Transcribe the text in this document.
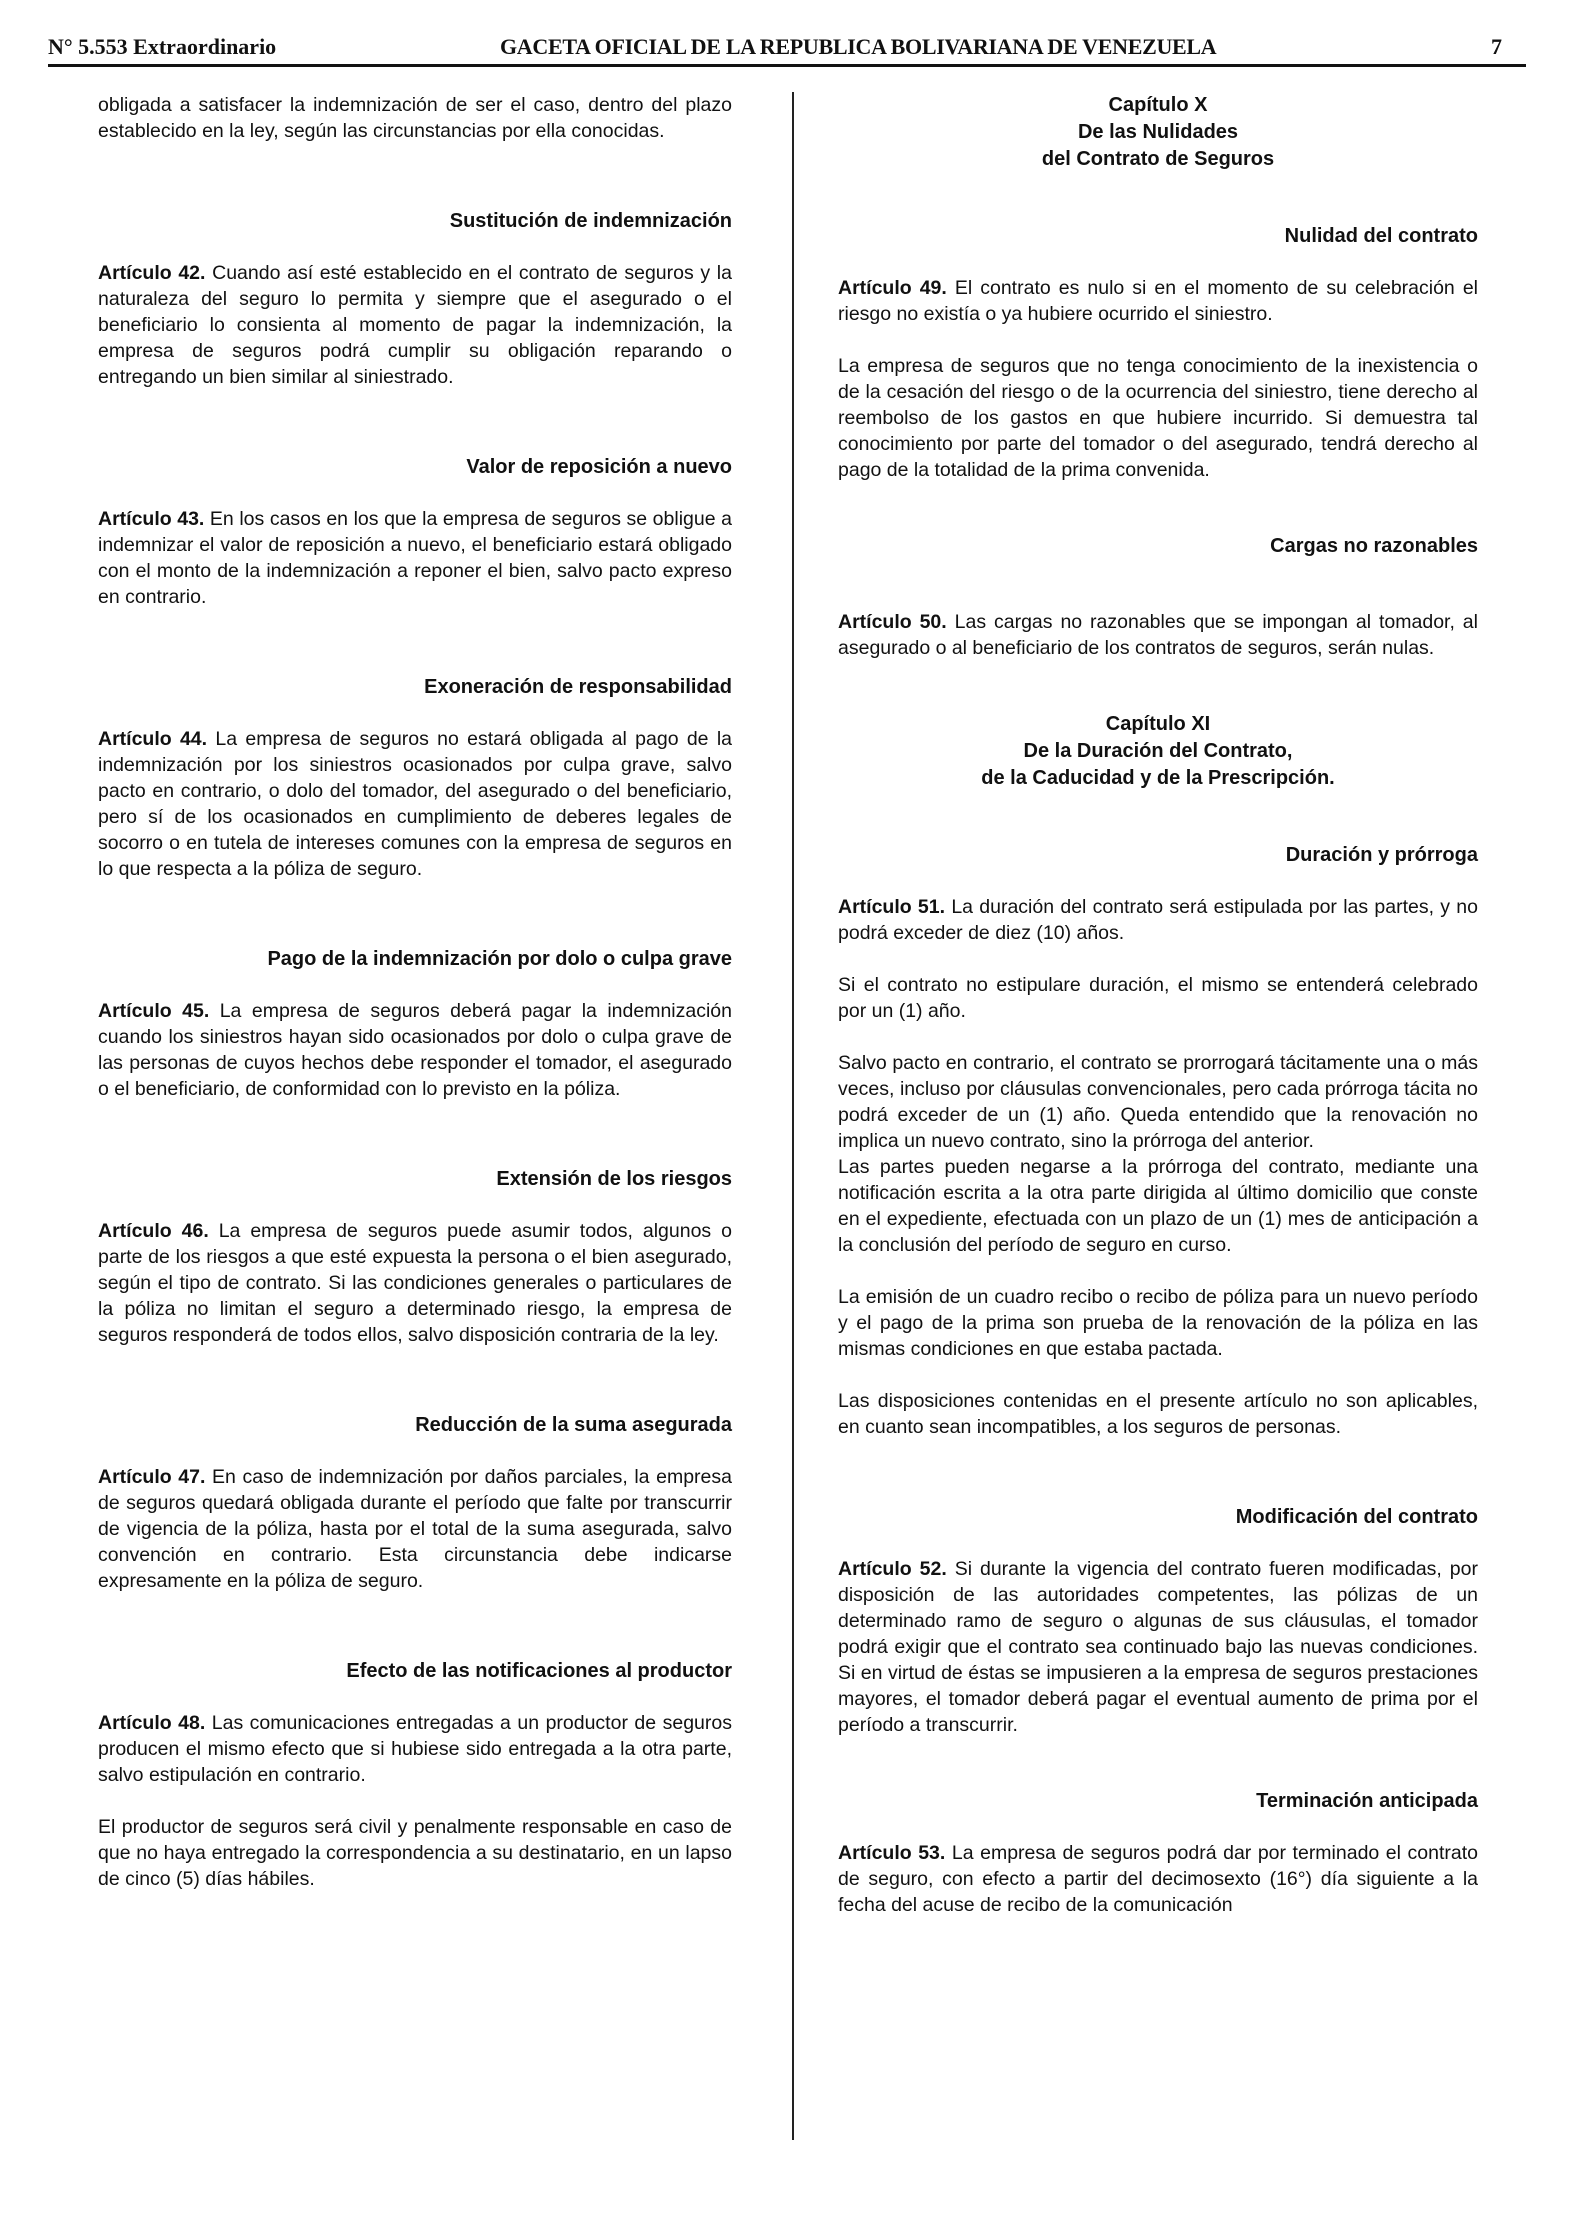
N° 5.553 Extraordinario	GACETA OFICIAL DE LA REPUBLICA BOLIVARIANA DE VENEZUELA	7

obligada a satisfacer la indemnización de ser el caso, dentro del plazo establecido en la ley, según las circunstancias por ella conocidas.

Sustitución de indemnización

Artículo 42. Cuando así esté establecido en el contrato de seguros y la naturaleza del seguro lo permita y siempre que el asegurado o el beneficiario lo consienta al momento de pagar la indemnización, la empresa de seguros podrá cumplir su obligación reparando o entregando un bien similar al siniestrado.

Valor de reposición a nuevo

Artículo 43. En los casos en los que la empresa de seguros se obligue a indemnizar el valor de reposición a nuevo, el beneficiario estará obligado con el monto de la indemnización a reponer el bien, salvo pacto expreso en contrario.

Exoneración de responsabilidad

Artículo 44. La empresa de seguros no estará obligada al pago de la indemnización por los siniestros ocasionados por culpa grave, salvo pacto en contrario, o dolo del tomador, del asegurado o del beneficiario, pero sí de los ocasionados en cumplimiento de deberes legales de socorro o en tutela de intereses comunes con la empresa de seguros en lo que respecta a la póliza de seguro.

Pago de la indemnización por dolo o culpa grave

Artículo 45. La empresa de seguros deberá pagar la indemnización cuando los siniestros hayan sido ocasionados por dolo o culpa grave de las personas de cuyos hechos debe responder el tomador, el asegurado o el beneficiario, de conformidad con lo previsto en la póliza.

Extensión de los riesgos

Artículo 46. La empresa de seguros puede asumir todos, algunos o parte de los riesgos a que esté expuesta la persona o el bien asegurado, según el tipo de contrato. Si las condiciones generales o particulares de la póliza no limitan el seguro a determinado riesgo, la empresa de seguros responderá de todos ellos, salvo disposición contraria de la ley.

Reducción de la suma asegurada

Artículo 47. En caso de indemnización por daños parciales, la empresa de seguros quedará obligada durante el período que falte por transcurrir de vigencia de la póliza, hasta por el total de la suma asegurada, salvo convención en contrario. Esta circunstancia debe indicarse expresamente en la póliza de seguro.

Efecto de las notificaciones al productor

Artículo 48. Las comunicaciones entregadas a un productor de seguros producen el mismo efecto que si hubiese sido entregada a la otra parte, salvo estipulación en contrario.

El productor de seguros será civil y penalmente responsable en caso de que no haya entregado la correspondencia a su destinatario, en un lapso de cinco (5) días hábiles.

Capítulo X

De las Nulidades

del Contrato de Seguros

Nulidad del contrato

Artículo 49. El contrato es nulo si en el momento de su celebración el riesgo no existía o ya hubiere ocurrido el siniestro.

La empresa de seguros que no tenga conocimiento de la inexistencia o de la cesación del riesgo o de la ocurrencia del siniestro, tiene derecho al reembolso de los gastos en que hubiere incurrido. Si demuestra tal conocimiento por parte del tomador o del asegurado, tendrá derecho al pago de la totalidad de la prima convenida.

Cargas no razonables

Artículo 50. Las cargas no razonables que se impongan al tomador, al asegurado o al beneficiario de los contratos de seguros, serán nulas.

Capítulo XI

De la Duración del Contrato,

de la Caducidad y de la Prescripción.

Duración y prórroga

Artículo 51. La duración del contrato será estipulada por las partes, y no podrá exceder de diez (10) años.

Si el contrato no estipulare duración, el mismo se entenderá celebrado por un (1) año.

Salvo pacto en contrario, el contrato se prorrogará tácitamente una o más veces, incluso por cláusulas convencionales, pero cada prórroga tácita no podrá exceder de un (1) año. Queda entendido que la renovación no implica un nuevo contrato, sino la prórroga del anterior.

Las partes pueden negarse a la prórroga del contrato, mediante una notificación escrita a la otra parte dirigida al último domicilio que conste en el expediente, efectuada con un plazo de un (1) mes de anticipación a la conclusión del período de seguro en curso.

La emisión de un cuadro recibo o recibo de póliza para un nuevo período y el pago de la prima son prueba de la renovación de la póliza en las mismas condiciones en que estaba pactada.

Las disposiciones contenidas en el presente artículo no son aplicables, en cuanto sean incompatibles, a los seguros de personas.

Modificación del contrato

Artículo 52. Si durante la vigencia del contrato fueren modificadas, por disposición de las autoridades competentes, las pólizas de un determinado ramo de seguro o algunas de sus cláusulas, el tomador podrá exigir que el contrato sea continuado bajo las nuevas condiciones. Si en virtud de éstas se impusieren a la empresa de seguros prestaciones mayores, el tomador deberá pagar el eventual aumento de prima por el período a transcurrir.

Terminación anticipada

Artículo 53. La empresa de seguros podrá dar por terminado el contrato de seguro, con efecto a partir del decimosexto (16°) día siguiente a la fecha del acuse de recibo de la comunicación
